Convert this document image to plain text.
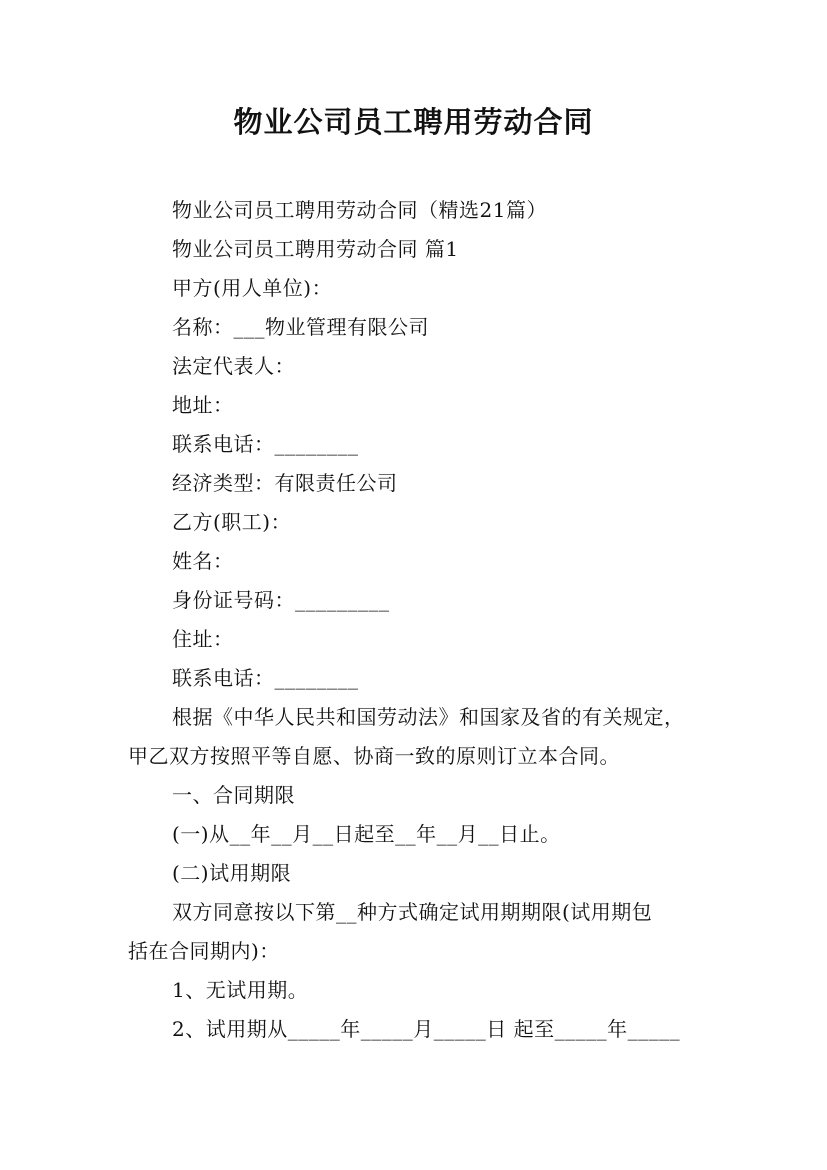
物业公司员工聘用劳动合同
物业公司员工聘用劳动合同（精选21篇）
物业公司员工聘用劳动合同 篇1
甲方(用人单位)：
名称：___物业管理有限公司
法定代表人：
地址：
联系电话：________
经济类型：有限责任公司
乙方(职工)：
姓名：
身份证号码：_________
住址：
联系电话：________
根据《中华人民共和国劳动法》和国家及省的有关规定，
甲乙双方按照平等自愿、协商一致的原则订立本合同。
一、合同期限
(一)从__年__月__日起至__年__月__日止。
(二)试用期限
双方同意按以下第__种方式确定试用期期限(试用期包
括在合同期内)：
1、无试用期。
2、试用期从_____年_____月_____日 起至_____年_____
